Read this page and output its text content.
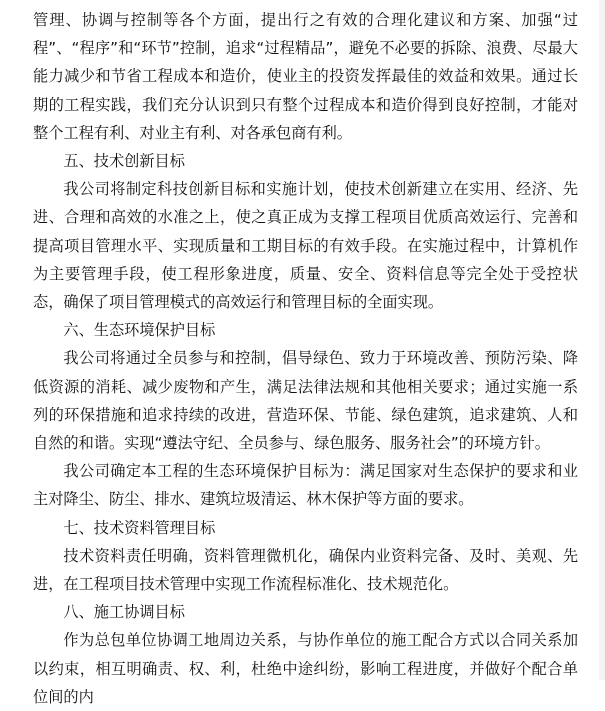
管理、协调与控制等各个方面，提出行之有效的合理化建议和方案、加强“过程”、“程序”和“环节”控制，追求“过程精品”，避免不必要的拆除、浪费、尽最大能力减少和节省工程成本和造价，使业主的投资发挥最佳的效益和效果。通过长期的工程实践，我们充分认识到只有整个过程成本和造价得到良好控制，才能对整个工程有利、对业主有利、对各承包商有利。

五、技术创新目标

我公司将制定科技创新目标和实施计划，使技术创新建立在实用、经济、先进、合理和高效的水准之上，使之真正成为支撑工程项目优质高效运行、完善和提高项目管理水平、实现质量和工期目标的有效手段。在实施过程中，计算机作为主要管理手段，使工程形象进度，质量、安全、资料信息等完全处于受控状态，确保了项目管理模式的高效运行和管理目标的全面实现。

六、生态环境保护目标

我公司将通过全员参与和控制，倡导绿色、致力于环境改善、预防污染、降低资源的消耗、减少废物和产生，满足法律法规和其他相关要求；通过实施一系列的环保措施和追求持续的改进，营造环保、节能、绿色建筑，追求建筑、人和自然的和谐。实现“遵法守纪、全员参与、绿色服务、服务社会”的环境方针。

我公司确定本工程的生态环境保护目标为：满足国家对生态保护的要求和业主对降尘、防尘、排水、建筑垃圾清运、林木保护等方面的要求。

七、技术资料管理目标

技术资料责任明确，资料管理微机化，确保内业资料完备、及时、美观、先进，在工程项目技术管理中实现工作流程标准化、技术规范化。

八、施工协调目标

作为总包单位协调工地周边关系，与协作单位的施工配合方式以合同关系加以约束，相互明确责、权、利，杜绝中途纠纷，影响工程进度，并做好个配合单位间的内
